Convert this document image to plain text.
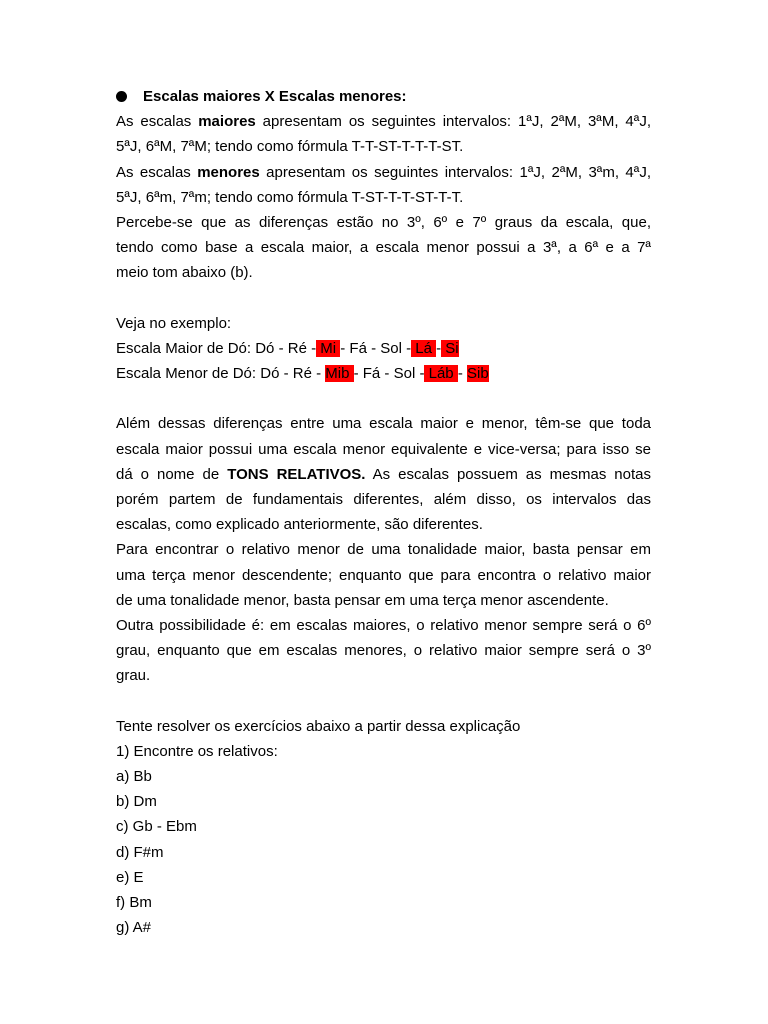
Escalas maiores X Escalas menores:
As escalas maiores apresentam os seguintes intervalos: 1ªJ, 2ªM, 3ªM, 4ªJ,
5ªJ, 6ªM, 7ªM; tendo como fórmula T-T-ST-T-T-T-ST.
As escalas menores apresentam os seguintes intervalos: 1ªJ, 2ªM, 3ªm, 4ªJ,
5ªJ, 6ªm, 7ªm; tendo como fórmula T-ST-T-T-ST-T-T.
Percebe-se que as diferenças estão no 3º, 6º e 7º graus da escala, que,
tendo como base a escala maior, a escala menor possui a 3ª, a 6ª e a 7ª
meio tom abaixo (b).
Veja no exemplo:
Escala Maior de Dó: Dó - Ré - Mi - Fá - Sol - Lá - Si
Escala Menor de Dó: Dó - Ré - Mib - Fá - Sol - Láb - Sib
Além dessas diferenças entre uma escala maior e menor, têm-se que toda
escala maior possui uma escala menor equivalente e vice-versa; para isso se
dá o nome de TONS RELATIVOS. As escalas possuem as mesmas notas
porém partem de fundamentais diferentes, além disso, os intervalos das
escalas, como explicado anteriormente, são diferentes.
Para encontrar o relativo menor de uma tonalidade maior, basta pensar em
uma terça menor descendente; enquanto que para encontra o relativo maior
de uma tonalidade menor, basta pensar em uma terça menor ascendente.
Outra possibilidade é: em escalas maiores, o relativo menor sempre será o 6º
grau, enquanto que em escalas menores, o relativo maior sempre será o 3º
grau.
Tente resolver os exercícios abaixo a partir dessa explicação
1) Encontre os relativos:
a) Bb
b) Dm
c) Gb - Ebm
d) F#m
e) E
f) Bm
g) A#
